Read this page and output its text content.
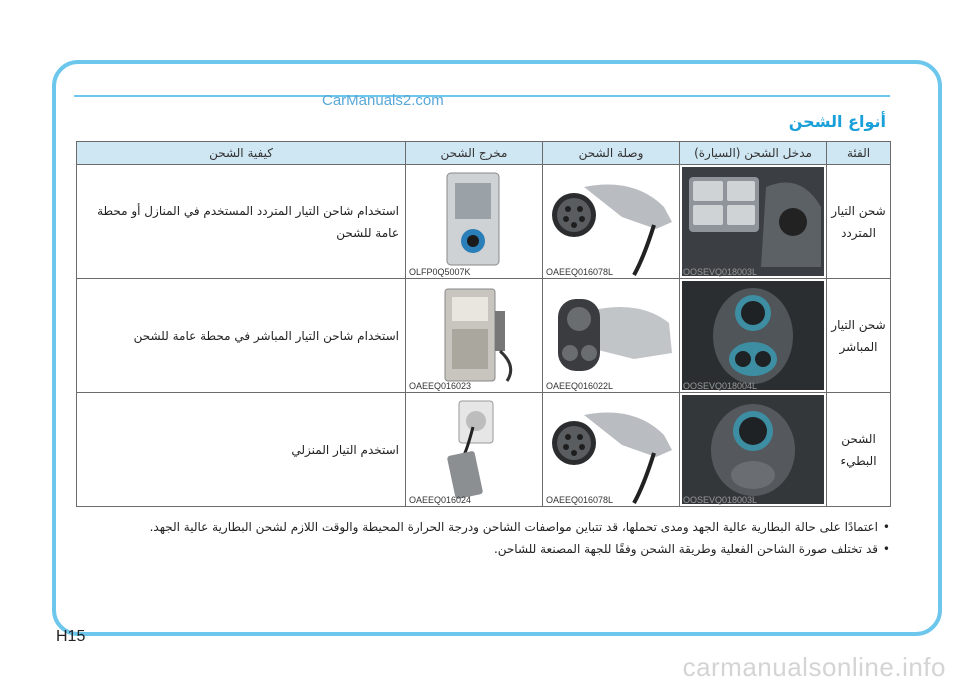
CarManuals2.com
أنواع الشحن
الفئة	مدخل الشحن (السيارة)	وصلة الشحن	مخرج الشحن	كيفية الشحن
شحن التيار المتردد	OOSEVQ018003L	OAEEQ016078L	OLFP0Q5007K	استخدام شاحن التيار المتردد المستخدم في المنازل أو محطة عامة للشحن
شحن التيار المباشر	OOSEVQ018004L	OAEEQ016022L	OAEEQ016023	استخدام شاحن التيار المباشر في محطة عامة للشحن
الشحن البطيء	OOSEVQ018003L	OAEEQ016078L	OAEEQ016024	استخدم التيار المنزلي
• اعتمادًا على حالة البطارية عالية الجهد ومدى تحملها، قد تتباين مواصفات الشاحن ودرجة الحرارة المحيطة والوقت اللازم لشحن البطارية عالية الجهد.
• قد تختلف صورة الشاحن الفعلية وطريقة الشحن وفقًا للجهة المصنعة للشاحن.
H15
carmanualsonline.info
